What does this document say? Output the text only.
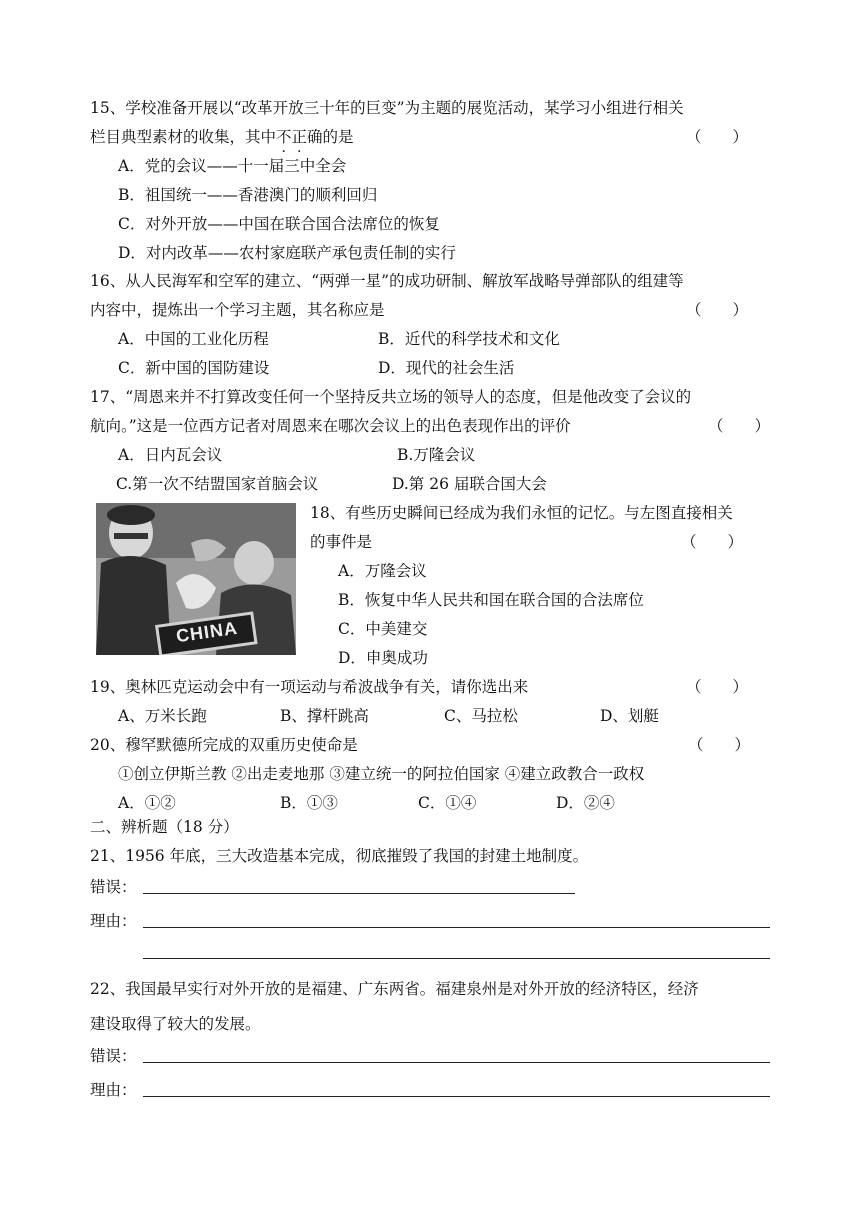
15、学校准备开展以“改革开放三十年的巨变”为主题的展览活动，某学习小组进行相关
栏目典型素材的收集，其中不正确的是	（　　）
A．党的会议——十一届三中全会
B．祖国统一——香港澳门的顺利回归
C．对外开放——中国在联合国合法席位的恢复
D．对内改革——农村家庭联产承包责任制的实行
16、从人民海军和空军的建立、“两弹一星”的成功研制、解放军战略导弹部队的组建等
内容中，提炼出一个学习主题，其名称应是	（　　）
A．中国的工业化历程	B．近代的科学技术和文化
C．新中国的国防建设	D．现代的社会生活
17、“周恩来并不打算改变任何一个坚持反共立场的领导人的态度，但是他改变了会议的
航向。”这是一位西方记者对周恩来在哪次会议上的出色表现作出的评价	（　　）
A．日内瓦会议	B.万隆会议
C.第一次不结盟国家首脑会议	D.第 26 届联合国大会
CHINA
18、有些历史瞬间已经成为我们永恒的记忆。与左图直接相关
的事件是	（　　）
A．万隆会议
B．恢复中华人民共和国在联合国的合法席位
C．中美建交
D．申奥成功
19、奥林匹克运动会中有一项运动与希波战争有关，请你选出来	（　　）
A、万米长跑	B、撑杆跳高	C、马拉松	D、划艇
20、穆罕默德所完成的双重历史使命是	（　　）
①创立伊斯兰教 ②出走麦地那 ③建立统一的阿拉伯国家 ④建立政教合一政权
A．①②	B．①③	C．①④	D．②④
二、辨析题（18 分）
21、1956 年底，三大改造基本完成，彻底摧毁了我国的封建土地制度。
错误：
理由：
22、我国最早实行对外开放的是福建、广东两省。福建泉州是对外开放的经济特区，经济
建设取得了较大的发展。
错误：
理由：
